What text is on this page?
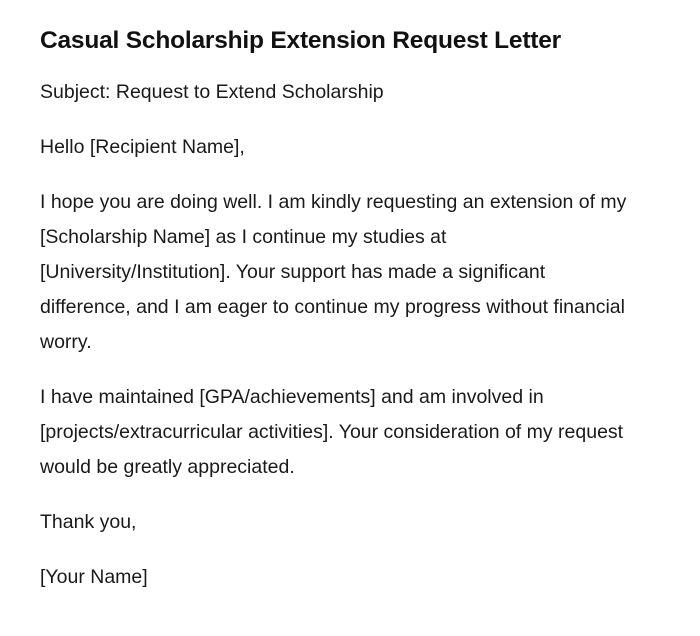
Casual Scholarship Extension Request Letter

Subject: Request to Extend Scholarship

Hello [Recipient Name],

I hope you are doing well. I am kindly requesting an extension of my [Scholarship Name] as I continue my studies at [University/Institution]. Your support has made a significant difference, and I am eager to continue my progress without financial worry.

I have maintained [GPA/achievements] and am involved in [projects/extracurricular activities]. Your consideration of my request would be greatly appreciated.

Thank you,

[Your Name]
